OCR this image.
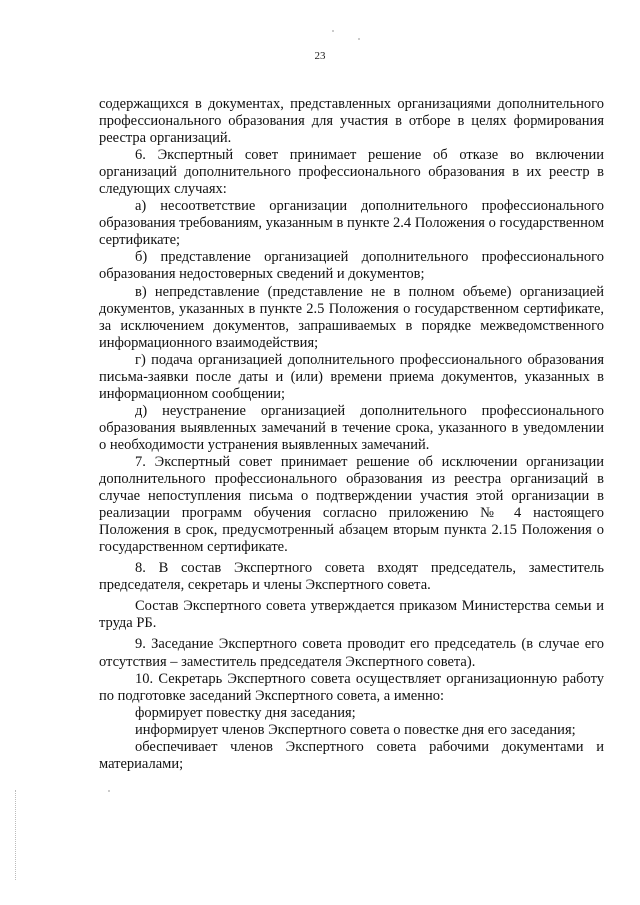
23

содержащихся в документах, представленных организациями дополнительного профессионального образования для участия в отборе в целях формирования реестра организаций.

6. Экспертный совет принимает решение об отказе во включении организаций дополнительного профессионального образования в их реестр в следующих случаях:

а) несоответствие организации дополнительного профессионального образования требованиям, указанным в пункте 2.4 Положения о государственном сертификате;

б) представление организацией дополнительного профессионального образования недостоверных сведений и документов;

в) непредставление (представление не в полном объеме) организацией документов, указанных в пункте 2.5 Положения о государственном сертификате, за исключением документов, запрашиваемых в порядке межведомственного информационного взаимодействия;

г) подача организацией дополнительного профессионального образования письма-заявки после даты и (или) времени приема документов, указанных в информационном сообщении;

д) неустранение организацией дополнительного профессионального образования выявленных замечаний в течение срока, указанного в уведомлении о необходимости устранения выявленных замечаний.

7. Экспертный совет принимает решение об исключении организации дополнительного профессионального образования из реестра организаций в случае непоступления письма о подтверждении участия этой организации в реализации программ обучения согласно приложению № 4 настоящего Положения в срок, предусмотренный абзацем вторым пункта 2.15 Положения о государственном сертификате.

8. В состав Экспертного совета входят председатель, заместитель председателя, секретарь и члены Экспертного совета.

Состав Экспертного совета утверждается приказом Министерства семьи и труда РБ.

9. Заседание Экспертного совета проводит его председатель (в случае его отсутствия – заместитель председателя Экспертного совета).

10. Секретарь Экспертного совета осуществляет организационную работу по подготовке заседаний Экспертного совета, а именно:

формирует повестку дня заседания;

информирует членов Экспертного совета о повестке дня его заседания;

обеспечивает членов Экспертного совета рабочими документами и материалами;
